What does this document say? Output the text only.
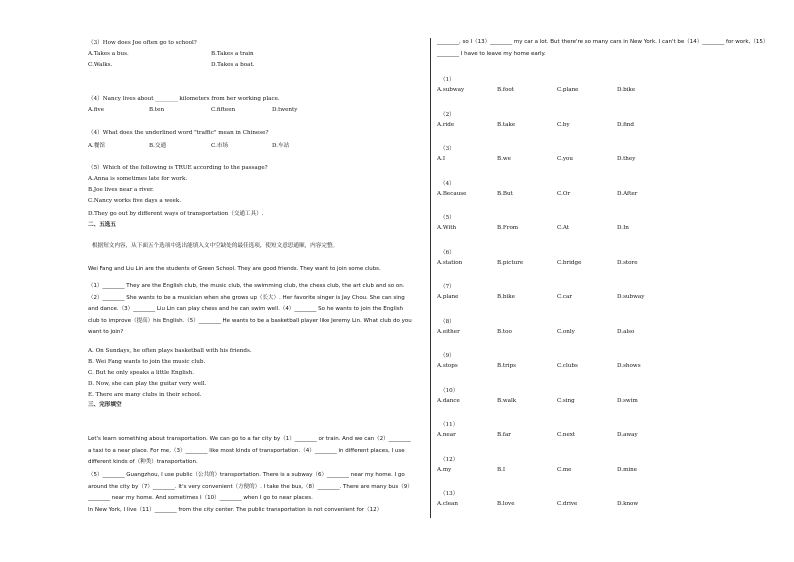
（3）How does Joe often go to school?
A.Takes a bus.	B.Takes a train
C.Walks.	D.Takes a boat.
（4）Nancy lives about ________ kilometers from her working place.
A.five	B.ten	C.fifteen	D.twenty
（4）What does the underlined word "traffic" mean in Chinese?
A.餐馆	B.交通	C.市场	D.车站
（5）Which of the following is TRUE according to the passage?
A.Anna is sometimes late for work.
B.Joe lives near a river.
C.Nancy works five days a week.
D.They go out by different ways of transportation（交通工具）.
二、五选五
根据短文内容，从下面五个选项中选出能填入文中空缺处的最佳选项，使短文意思通顺，内容完整。
Wei Fang and Liu Lin are the students of Green School. They are good friends. They want to join some clubs.
（1）________ They are the English club, the music club, the swimming club, the chess club, the art club and so on.（2）________ She wants to be a musician when she grows up（长大）. Her favorite singer is Jay Chou. She can sing and dance.（3）________ Liu Lin can play chess and he can swim well.（4）________ So he wants to join the English club to improve（提高）his English.（5）________ He wants to be a basketball player like Jeremy Lin. What club do you want to join?
A. On Sundays, he often plays basketball with his friends.
B. Wei Fang wants to join the music club.
C. But he only speaks a little English.
D. Now, she can play the guitar very well.
E. There are many clubs in their school.
三、完形填空
Let's learn something about transportation. We can go to a far city by（1）________ or train. And we can（2）________ a taxi to a near place. For me,（3）________ like most kinds of transportation.（4）________ in different places, I use different kinds of（种类）transportation.
（5）________ Guangzhou, I use public（公共的）transportation. There is a subway（6）________ near my home. I go around the city by（7）________. It's very convenient（方便的）. I take the bus,（8）________. There are many bus（9）________ near my home. And sometimes I（10）________ when I go to near places.
In New York, I live（11）________ from the city center. The public transportation is not convenient for（12）
________, so I（13）________ my car a lot. But there're so many cars in New York. I can't be（14）________ for work,（15）________ I have to leave my home early.
（1）
A.subway	B.foot	C.plane	D.bike
（2）
A.ride	B.take	C.by	D.find
（3）
A.I	B.we	C.you	D.they
（4）
A.Because	B.But	C.Or	D.After
（5）
A.With	B.From	C.At	D.In
（6）
A.station	B.picture	C.bridge	D.store
（7）
A.plane	B.bike	C.car	D.subway
（8）
A.either	B.too	C.only	D.also
（9）
A.stops	B.trips	C.clubs	D.shows
（10）
A.dance	B.walk	C.sing	D.swim
（11）
A.near	B.far	C.next	D.away
（12）
A.my	B.I	C.me	D.mine
（13）
A.clean	B.love	C.drive	D.know
